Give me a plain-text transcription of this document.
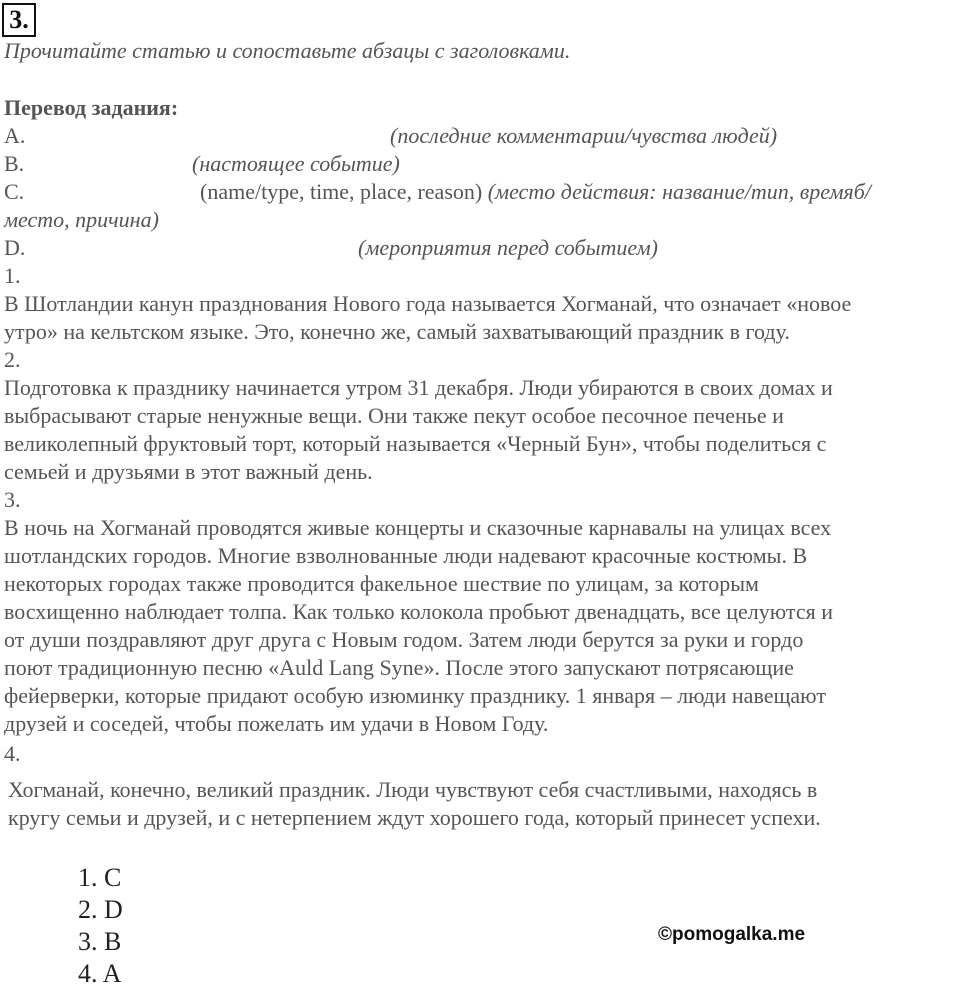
3.
Прочитайте статью и сопоставьте абзацы с заголовками.
Перевод задания:
A.	(последние комментарии/чувства людей)
B.	(настоящее событие)
C.	(name/type, time, place, reason) (место действия: название/тип, времяб/
место, причина)
D.	(мероприятия перед событием)
1.
В Шотландии канун празднования Нового года называется Хогманай, что означает «новое
утро» на кельтском языке. Это, конечно же, самый захватывающий праздник в году.
2.
Подготовка к празднику начинается утром 31 декабря. Люди убираются в своих домах и
выбрасывают старые ненужные вещи. Они также пекут особое песочное печенье и
великолепный фруктовый торт, который называется «Черный Бун», чтобы поделиться с
семьей и друзьями в этот важный день.
3.
В ночь на Хогманай проводятся живые концерты и сказочные карнавалы на улицах всех
шотландских городов. Многие взволнованные люди надевают красочные костюмы. В
некоторых городах также проводится факельное шествие по улицам, за которым
восхищенно наблюдает толпа. Как только колокола пробьют двенадцать, все целуются и
от души поздравляют друг друга с Новым годом. Затем люди берутся за руки и гордо
поют традиционную песню «Auld Lang Syne». После этого запускают потрясающие
фейерверки, которые придают особую изюминку празднику. 1 января – люди навещают
друзей и соседей, чтобы пожелать им удачи в Новом Году.
4.
Хогманай, конечно, великий праздник. Люди чувствуют себя счастливыми, находясь в
кругу семьи и друзей, и с нетерпением ждут хорошего года, который принесет успехи.
1. C
2. D
3. B
4. A
©pomogalka.me
